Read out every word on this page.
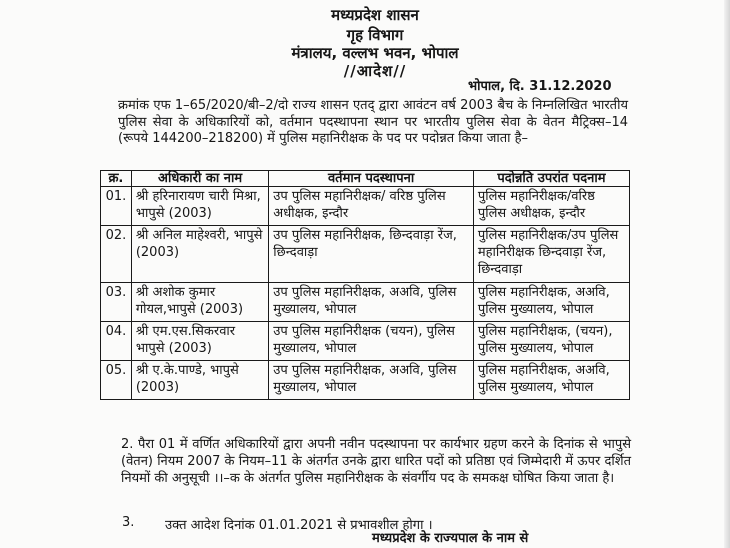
मध्यप्रदेश शासन
गृह विभाग
मंत्रालय, वल्लभ भवन, भोपाल
//आदेश//
भोपाल, दि. 31.12.2020

क्रमांक एफ 1–65/2020/बी–2/दो राज्य शासन एतद् द्वारा आवंटन वर्ष 2003 बैच के निम्नलिखित भारतीय पुलिस सेवा के अधिकारियों को, वर्तमान पदस्थापना स्थान पर भारतीय पुलिस सेवा के वेतन मैट्रिक्स–14 (रूपये 144200–218200) में पुलिस महानिरीक्षक के पद पर पदोन्नत किया जाता है–

क्र.	अधिकारी का नाम	वर्तमान पदस्थापना	पदोन्नति उपरांत पदनाम
01.	श्री हरिनारायण चारी मिश्रा, भापुसे (2003)	उप पुलिस महानिरीक्षक/ वरिष्ठ पुलिस अधीक्षक, इन्दौर	पुलिस महानिरीक्षक/वरिष्ठ पुलिस अधीक्षक, इन्दौर
02.	श्री अनिल माहेश्वरी, भापुसे (2003)	उप पुलिस महानिरीक्षक, छिन्दवाड़ा रेंज, छिन्दवाड़ा	पुलिस महानिरीक्षक/उप पुलिस महानिरीक्षक छिन्दवाड़ा रेंज, छिन्दवाड़ा
03.	श्री अशोक कुमार गोयल,भापुसे (2003)	उप पुलिस महानिरीक्षक, अअवि, पुलिस मुख्यालय, भोपाल	पुलिस महानिरीक्षक, अअवि, पुलिस मुख्यालय, भोपाल
04.	श्री एम.एस.सिकरवार भापुसे (2003)	उप पुलिस महानिरीक्षक (चयन), पुलिस मुख्यालय, भोपाल	पुलिस महानिरीक्षक, (चयन), पुलिस मुख्यालय, भोपाल
05.	श्री ए.के.पाण्डे, भापुसे (2003)	उप पुलिस महानिरीक्षक, अअवि, पुलिस मुख्यालय, भोपाल	पुलिस महानिरीक्षक, अअवि, पुलिस मुख्यालय, भोपाल

2. पैरा 01 में वर्णित अधिकारियों द्वारा अपनी नवीन पदस्थापना पर कार्यभार ग्रहण करने के दिनांक से भापुसे (वेतन) नियम 2007 के नियम–11 के अंतर्गत उनके द्वारा धारित पदों को प्रतिष्ठा एवं जिम्मेदारी में ऊपर दर्शित नियमों की अनुसूची ।।–क के अंतर्गत पुलिस महानिरीक्षक के संवर्गीय पद के समकक्ष घोषित किया जाता है।

3. उक्त आदेश दिनांक 01.01.2021 से प्रभावशील होगा ।
मध्यप्रदेश के राज्यपाल के नाम से
